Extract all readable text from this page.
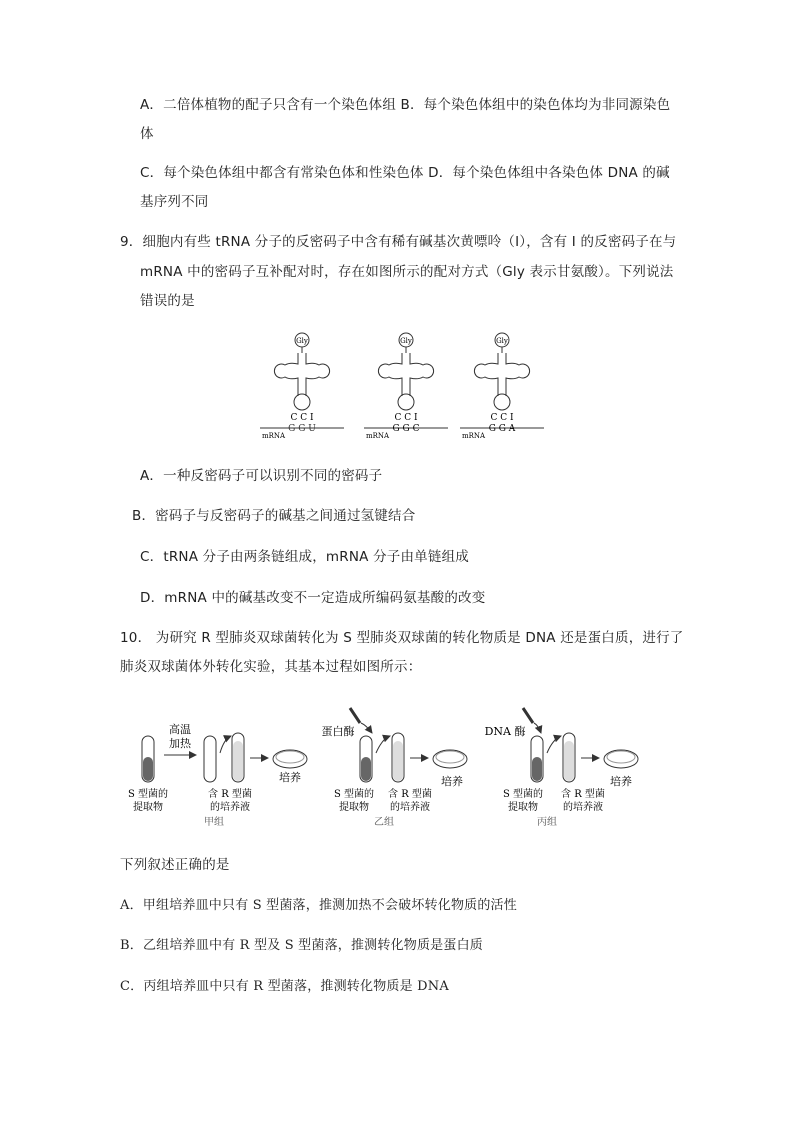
A．二倍体植物的配子只含有一个染色体组 B．每个染色体组中的染色体均为非同源染色
体
C．每个染色体组中都含有常染色体和性染色体 D．每个染色体组中各染色体 DNA 的碱
基序列不同
9．细胞内有些 tRNA 分子的反密码子中含有稀有碱基次黄嘌呤（I），含有 I 的反密码子在与
mRNA 中的密码子互补配对时，存在如图所示的配对方式（Gly 表示甘氨酸）。下列说法
错误的是
Gly
C C I
G G U
mRNA
Gly
C C I
G G C
mRNA
Gly
C C I
G G A
mRNA
A．一种反密码子可以识别不同的密码子
B．密码子与反密码子的碱基之间通过氢键结合
C．tRNA 分子由两条链组成，mRNA 分子由单链组成
D．mRNA 中的碱基改变不一定造成所编码氨基酸的改变
10． 为研究 R 型肺炎双球菌转化为 S 型肺炎双球菌的转化物质是 DNA 还是蛋白质，进行了
肺炎双球菌体外转化实验，其基本过程如图所示：
高温
加热
培养
S 型菌的
提取物
含 R 型菌
的培养液
甲组
蛋白酶
培养
S 型菌的
提取物
含 R 型菌
的培养液
乙组
DNA 酶
培养
S 型菌的
提取物
含 R 型菌
的培养液
丙组
下列叙述正确的是
A．甲组培养皿中只有 S 型菌落，推测加热不会破坏转化物质的活性
B．乙组培养皿中有 R 型及 S 型菌落，推测转化物质是蛋白质
C．丙组培养皿中只有 R 型菌落，推测转化物质是 DNA
